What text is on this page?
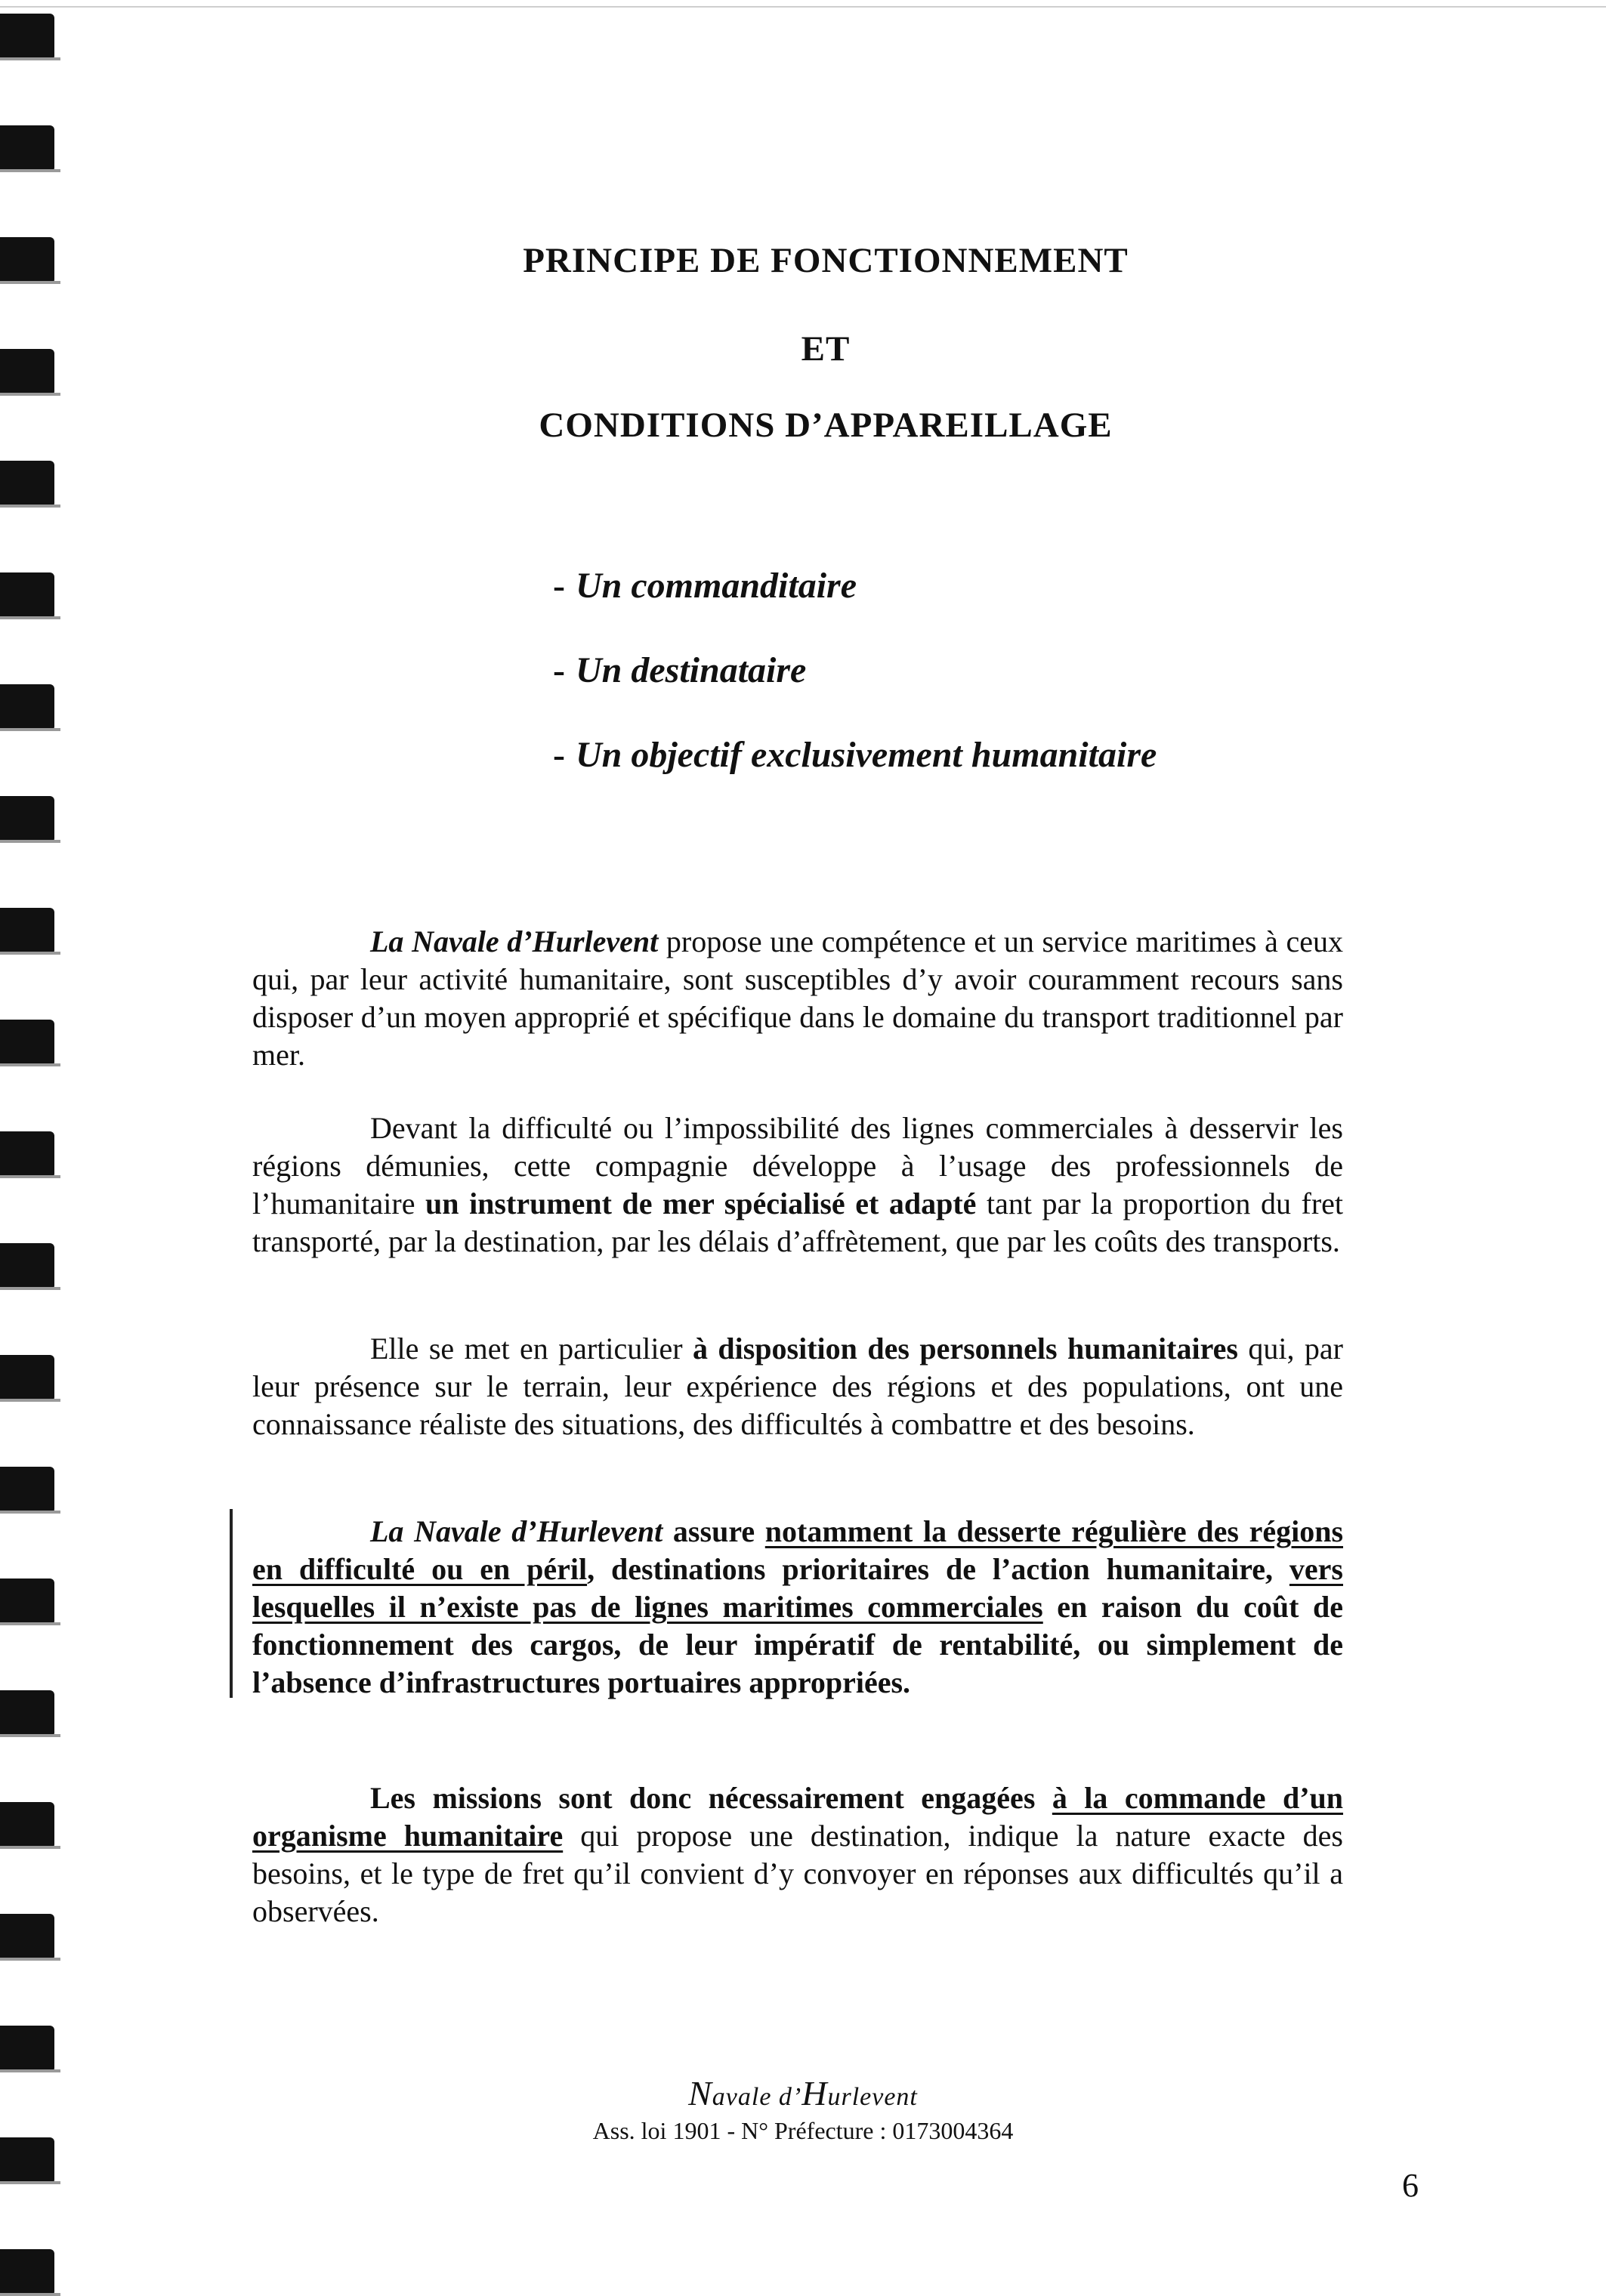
PRINCIPE DE FONCTIONNEMENT
ET
CONDITIONS D’APPAREILLAGE
- Un commanditaire
- Un destinataire
- Un objectif exclusivement humanitaire

La Navale d’Hurlevent propose une compétence et un service maritimes à ceux qui, par leur activité humanitaire, sont susceptibles d’y avoir couramment recours sans disposer d’un moyen approprié et spécifique dans le domaine du transport traditionnel par mer.

Devant la difficulté ou l’impossibilité des lignes commerciales à desservir les régions démunies, cette compagnie développe à l’usage des professionnels de l’humanitaire un instrument de mer spécialisé et adapté tant par la proportion du fret transporté, par la destination, par les délais d’affrètement, que par les coûts des transports.

Elle se met en particulier à disposition des personnels humanitaires qui, par leur présence sur le terrain, leur expérience des régions et des populations, ont une connaissance réaliste des situations, des difficultés à combattre et des besoins.

La Navale d’Hurlevent assure notamment la desserte régulière des régions en difficulté ou en péril, destinations prioritaires de l’action humanitaire, vers lesquelles il n’existe pas de lignes maritimes commerciales en raison du coût de fonctionnement des cargos, de leur impératif de rentabilité, ou simplement de l’absence d’infrastructures portuaires appropriées.

Les missions sont donc nécessairement engagées à la commande d’un organisme humanitaire qui propose une destination, indique la nature exacte des besoins, et le type de fret qu’il convient d’y convoyer en réponses aux difficultés qu’il a observées.

Navale d’Hurlevent
Ass. loi 1901 - N° Préfecture : 0173004364
6
